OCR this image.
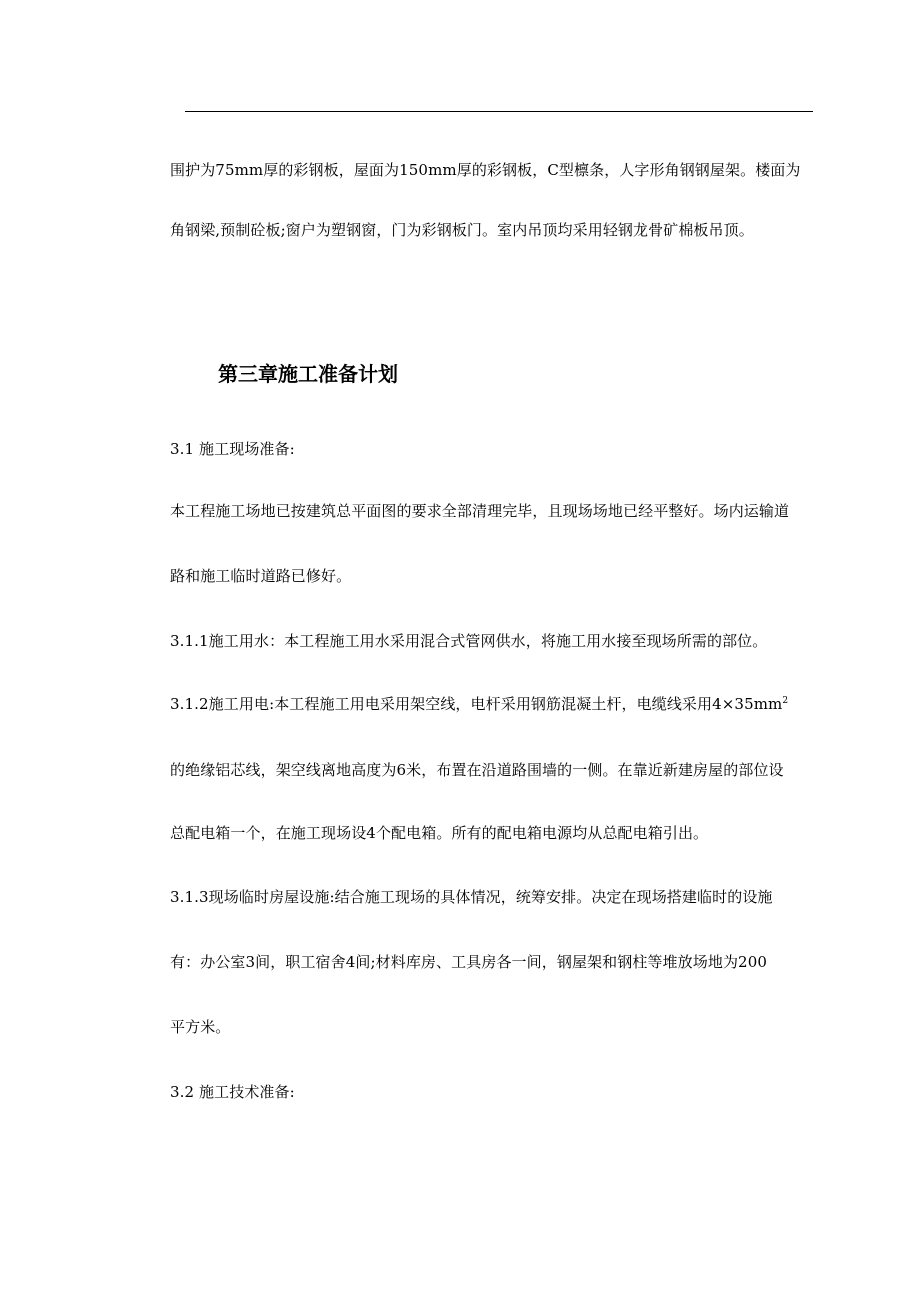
围护为75mm厚的彩钢板，屋面为150mm厚的彩钢板，C型檩条，人字形角钢钢屋架。楼面为
角钢梁,预制砼板;窗户为塑钢窗，门为彩钢板门。室内吊顶均采用轻钢龙骨矿棉板吊顶。
第三章施工准备计划
3.1 施工现场准备:
本工程施工场地已按建筑总平面图的要求全部清理完毕，且现场场地已经平整好。场内运输道
路和施工临时道路已修好。
3.1.1施工用水：本工程施工用水采用混合式管网供水，将施工用水接至现场所需的部位。
3.1.2施工用电:本工程施工用电采用架空线，电杆采用钢筋混凝土杆，电缆线采用$4\times 35mm^2$
的绝缘铝芯线，架空线离地高度为6米，布置在沿道路围墙的一侧。在靠近新建房屋的部位设
总配电箱一个，在施工现场设4个配电箱。所有的配电箱电源均从总配电箱引出。
3.1.3现场临时房屋设施:结合施工现场的具体情况，统筹安排。决定在现场搭建临时的设施
有：办公室3间，职工宿舍4间;材料库房、工具房各一间，钢屋架和钢柱等堆放场地为200
平方米。
3.2 施工技术准备:
